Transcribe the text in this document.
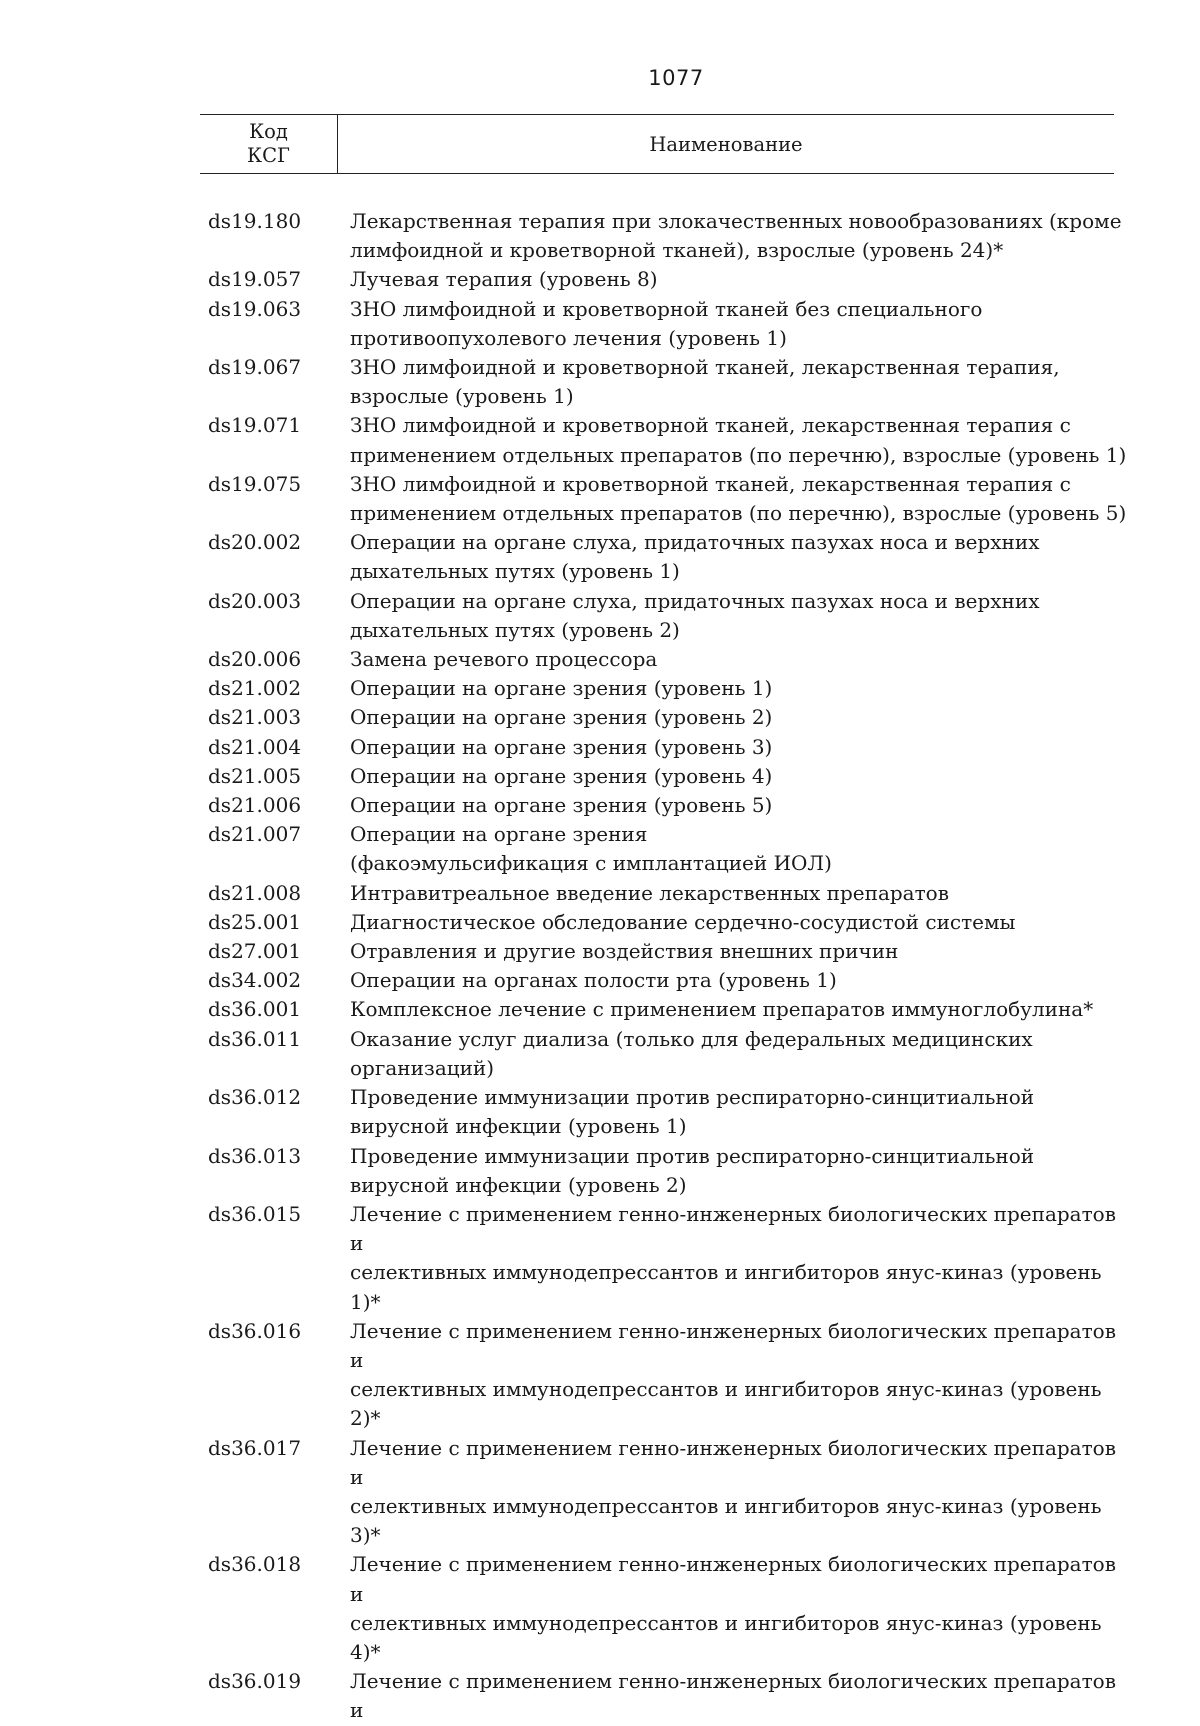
1077
Код
КСГ	Наименование
ds19.180	Лекарственная терапия при злокачественных новообразованиях (кроме
лимфоидной и кроветворной тканей), взрослые (уровень 24)*
ds19.057	Лучевая терапия (уровень 8)
ds19.063	ЗНО лимфоидной и кроветворной тканей без специального
противоопухолевого лечения (уровень 1)
ds19.067	ЗНО лимфоидной и кроветворной тканей, лекарственная терапия,
взрослые (уровень 1)
ds19.071	ЗНО лимфоидной и кроветворной тканей, лекарственная терапия с
применением отдельных препаратов (по перечню), взрослые (уровень 1)
ds19.075	ЗНО лимфоидной и кроветворной тканей, лекарственная терапия с
применением отдельных препаратов (по перечню), взрослые (уровень 5)
ds20.002	Операции на органе слуха, придаточных пазухах носа и верхних
дыхательных путях (уровень 1)
ds20.003	Операции на органе слуха, придаточных пазухах носа и верхних
дыхательных путях (уровень 2)
ds20.006	Замена речевого процессора
ds21.002	Операции на органе зрения (уровень 1)
ds21.003	Операции на органе зрения (уровень 2)
ds21.004	Операции на органе зрения (уровень 3)
ds21.005	Операции на органе зрения (уровень 4)
ds21.006	Операции на органе зрения (уровень 5)
ds21.007	Операции на органе зрения
(факоэмульсификация с имплантацией ИОЛ)
ds21.008	Интравитреальное введение лекарственных препаратов
ds25.001	Диагностическое обследование сердечно-сосудистой системы
ds27.001	Отравления и другие воздействия внешних причин
ds34.002	Операции на органах полости рта (уровень 1)
ds36.001	Комплексное лечение с применением препаратов иммуноглобулина*
ds36.011	Оказание услуг диализа (только для федеральных медицинских
организаций)
ds36.012	Проведение иммунизации против респираторно-синцитиальной
вирусной инфекции (уровень 1)
ds36.013	Проведение иммунизации против респираторно-синцитиальной
вирусной инфекции (уровень 2)
ds36.015	Лечение с применением генно-инженерных биологических препаратов и
селективных иммунодепрессантов и ингибиторов янус-киназ (уровень
1)*
ds36.016	Лечение с применением генно-инженерных биологических препаратов и
селективных иммунодепрессантов и ингибиторов янус-киназ (уровень
2)*
ds36.017	Лечение с применением генно-инженерных биологических препаратов и
селективных иммунодепрессантов и ингибиторов янус-киназ (уровень
3)*
ds36.018	Лечение с применением генно-инженерных биологических препаратов и
селективных иммунодепрессантов и ингибиторов янус-киназ (уровень
4)*
ds36.019	Лечение с применением генно-инженерных биологических препаратов и
